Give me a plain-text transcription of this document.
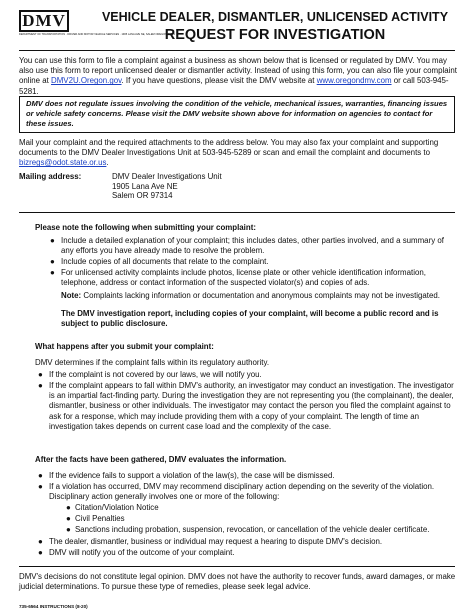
DMV
DEPARTMENT OF TRANSPORTATION · DRIVER AND MOTOR VEHICLE SERVICES · 1905 LANA AVE NE, SALEM OREGON 97314
VEHICLE DEALER, DISMANTLER, UNLICENSED ACTIVITY
REQUEST FOR INVESTIGATION

You can use this form to file a complaint against a business as shown below that is licensed or regulated by DMV. You may also use this form to report unlicensed dealer or dismantler activity. Instead of using this form, you can also file your complaint online at DMV2U.Oregon.gov. If you have questions, please visit the DMV website at www.oregondmv.com or call 503-945-5281.

DMV does not regulate issues involving the condition of the vehicle, mechanical issues, warranties, financing issues or vehicle safety concerns. Please visit the DMV website shown above for information on agencies to contact for these issues.

Mail your complaint and the required attachments to the address below. You may also fax your complaint and supporting documents to the DMV Dealer Investigations Unit at 503-945-5289 or scan and email the complaint and documents to bizregs@odot.state.or.us.

Mailing address:	DMV Dealer Investigations Unit
1905 Lana Ave NE
Salem OR 97314
Please note the following when submitting your complaint:
● Include a detailed explanation of your complaint; this includes dates, other parties involved, and a summary of any efforts you have already made to resolve the problem.
● Include copies of all documents that relate to the complaint.
● For unlicensed activity complaints include photos, license plate or other vehicle identification information, telephone, address or contact information of the suspected violator(s) and copies of ads.
Note: Complaints lacking information or documentation and anonymous complaints may not be investigated.
The DMV investigation report, including copies of your complaint, will become a public record and is subject to public disclosure.
What happens after you submit your complaint:
DMV determines if the complaint falls within its regulatory authority.
● If the complaint is not covered by our laws, we will notify you.
● If the complaint appears to fall within DMV's authority, an investigator may conduct an investigation. The investigator is an impartial fact-finding party. During the investigation they are not representing you (the complainant), the dealer, dismantler, business or other individuals. The investigator may contact the person you filed the complaint against to ask for a response, which may include providing them with a copy of your complaint. The length of time an investigation takes depends on current case load and the complexity of the case.
After the facts have been gathered, DMV evaluates the information.
● If the evidence fails to support a violation of the law(s), the case will be dismissed.
● If a violation has occurred, DMV may recommend disciplinary action depending on the severity of the violation. Disciplinary action generally involves one or more of the following:
● Citation/Violation Notice
● Civil Penalties
● Sanctions including probation, suspension, revocation, or cancellation of the vehicle dealer certificate.
● The dealer, dismantler, business or individual may request a hearing to dispute DMV's decision.
● DMV will notify you of the outcome of your complaint.

DMV's decisions do not constitute legal opinion. DMV does not have the authority to recover funds, award damages, or make judicial determinations. To pursue these type of remedies, please seek legal advice.

735-6564 INSTRUCTIONS (8-20)
